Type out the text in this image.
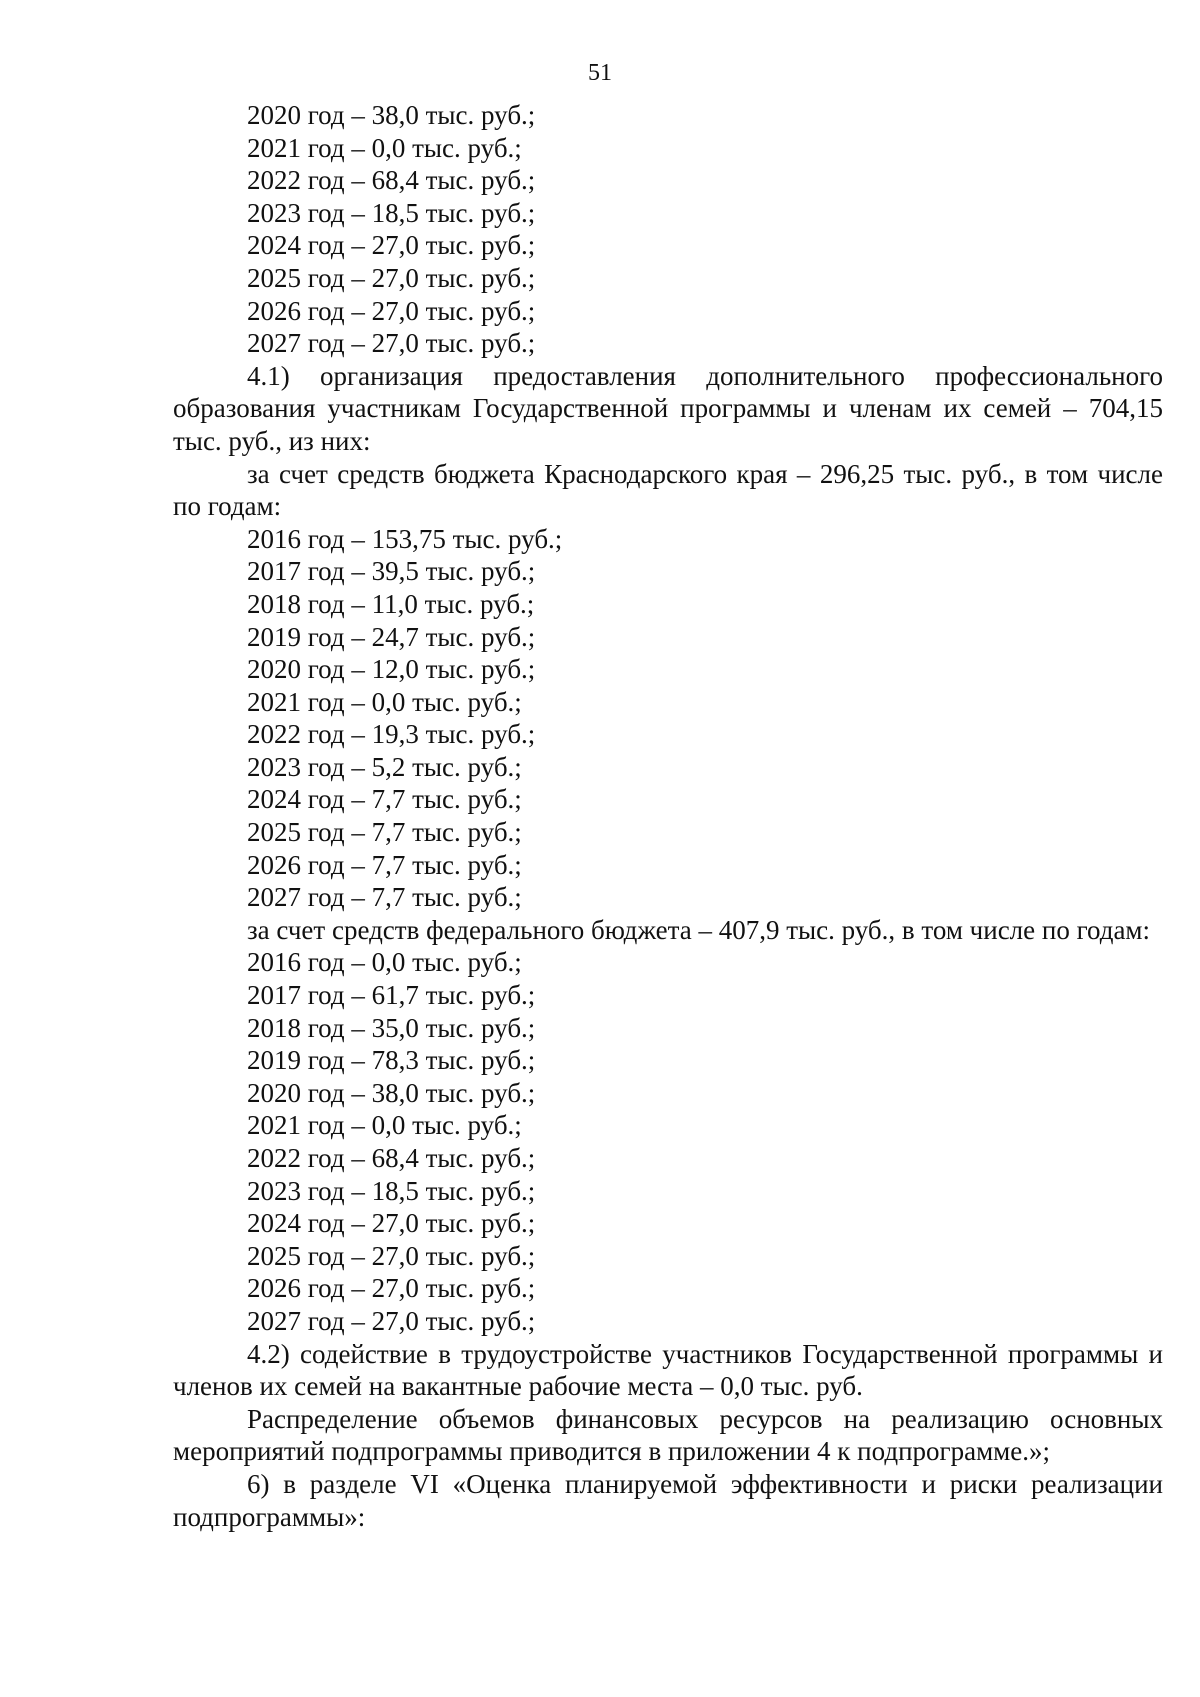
51
2020 год – 38,0 тыс. руб.;
2021 год – 0,0 тыс. руб.;
2022 год – 68,4 тыс. руб.;
2023 год – 18,5 тыс. руб.;
2024 год – 27,0 тыс. руб.;
2025 год – 27,0 тыс. руб.;
2026 год – 27,0 тыс. руб.;
2027 год – 27,0 тыс. руб.;
4.1) организация предоставления дополнительного профессионального образования участникам Государственной программы и членам их семей – 704,15 тыс. руб., из них:
за счет средств бюджета Краснодарского края – 296,25 тыс. руб., в том числе по годам:
2016 год – 153,75 тыс. руб.;
2017 год – 39,5 тыс. руб.;
2018 год – 11,0 тыс. руб.;
2019 год – 24,7 тыс. руб.;
2020 год – 12,0 тыс. руб.;
2021 год – 0,0 тыс. руб.;
2022 год – 19,3 тыс. руб.;
2023 год – 5,2 тыс. руб.;
2024 год – 7,7 тыс. руб.;
2025 год – 7,7 тыс. руб.;
2026 год – 7,7 тыс. руб.;
2027 год – 7,7 тыс. руб.;
за счет средств федерального бюджета – 407,9 тыс. руб., в том числе по годам:
2016 год – 0,0 тыс. руб.;
2017 год – 61,7 тыс. руб.;
2018 год – 35,0 тыс. руб.;
2019 год – 78,3 тыс. руб.;
2020 год – 38,0 тыс. руб.;
2021 год – 0,0 тыс. руб.;
2022 год – 68,4 тыс. руб.;
2023 год – 18,5 тыс. руб.;
2024 год – 27,0 тыс. руб.;
2025 год – 27,0 тыс. руб.;
2026 год – 27,0 тыс. руб.;
2027 год – 27,0 тыс. руб.;
4.2) содействие в трудоустройстве участников Государственной программы и членов их семей на вакантные рабочие места – 0,0 тыс. руб.
Распределение объемов финансовых ресурсов на реализацию основных мероприятий подпрограммы приводится в приложении 4 к подпрограмме.»;
6) в разделе VI «Оценка планируемой эффективности и риски реализации подпрограммы»:
